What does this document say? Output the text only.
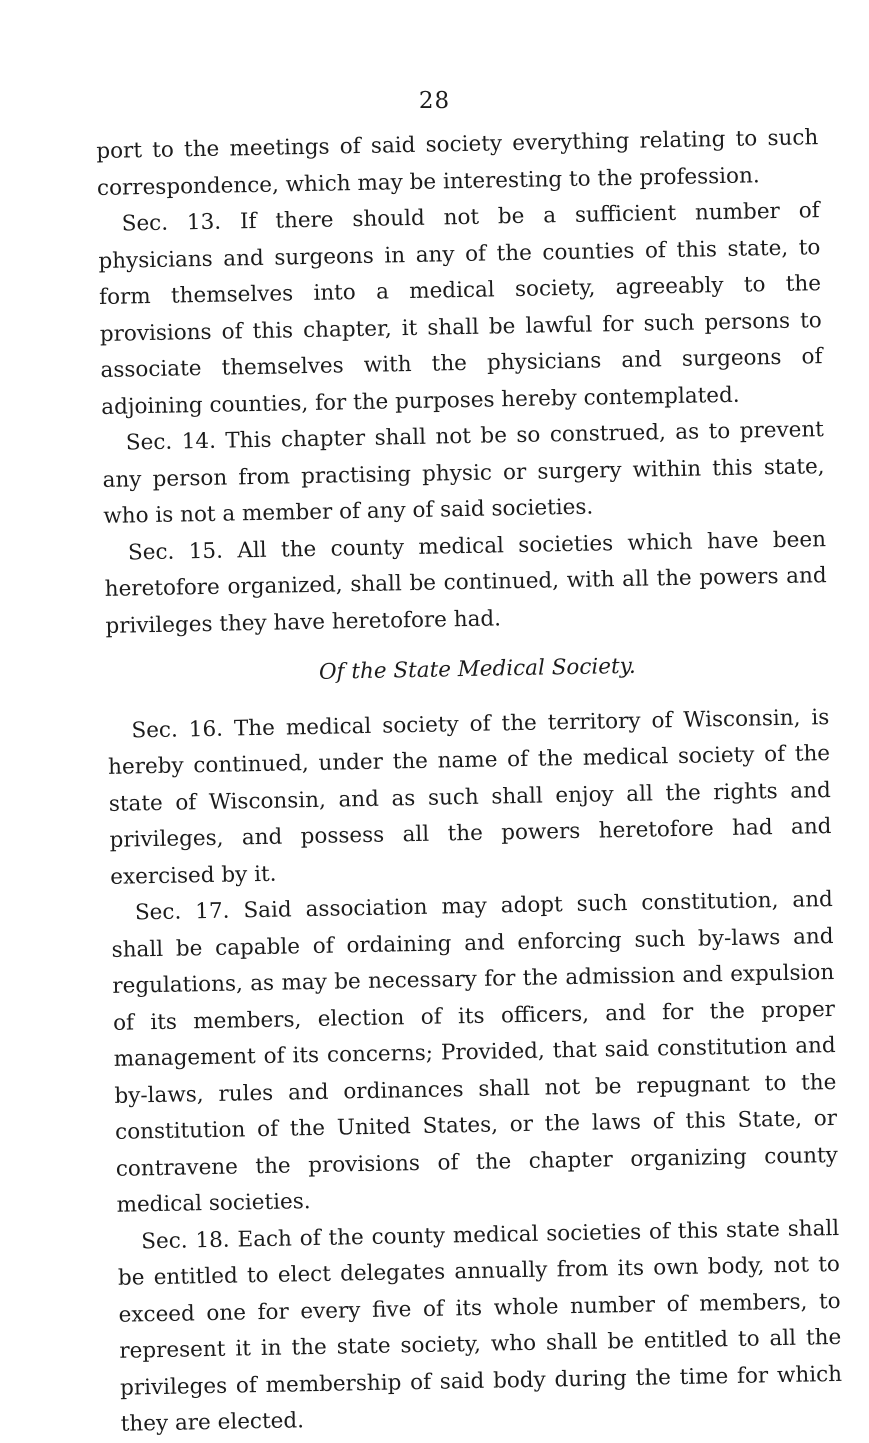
28

port to the meetings of said society everything relating to such correspondence, which may be interesting to the profession.

Sec. 13. If there should not be a sufficient number of physicians and surgeons in any of the counties of this state, to form themselves into a medical society, agreeably to the provisions of this chapter, it shall be lawful for such persons to associate themselves with the physicians and surgeons of adjoining counties, for the purposes hereby contemplated.

Sec. 14. This chapter shall not be so construed, as to prevent any person from practising physic or surgery within this state, who is not a member of any of said societies.

Sec. 15. All the county medical societies which have been heretofore organized, shall be continued, with all the powers and privileges they have heretofore had.

Of the State Medical Society.

Sec. 16. The medical society of the territory of Wisconsin, is hereby continued, under the name of the medical society of the state of Wisconsin, and as such shall enjoy all the rights and privileges, and possess all the powers heretofore had and exercised by it.

Sec. 17. Said association may adopt such constitution, and shall be capable of ordaining and enforcing such by-laws and regulations, as may be necessary for the admission and expulsion of its members, election of its officers, and for the proper management of its concerns; Provided, that said constitution and by-laws, rules and ordinances shall not be repugnant to the constitution of the United States, or the laws of this State, or contravene the provisions of the chapter organizing county medical societies.

Sec. 18. Each of the county medical societies of this state shall be entitled to elect delegates annually from its own body, not to exceed one for every five of its whole number of members, to represent it in the state society, who shall be entitled to all the privileges of membership of said body during the time for which they are elected.
